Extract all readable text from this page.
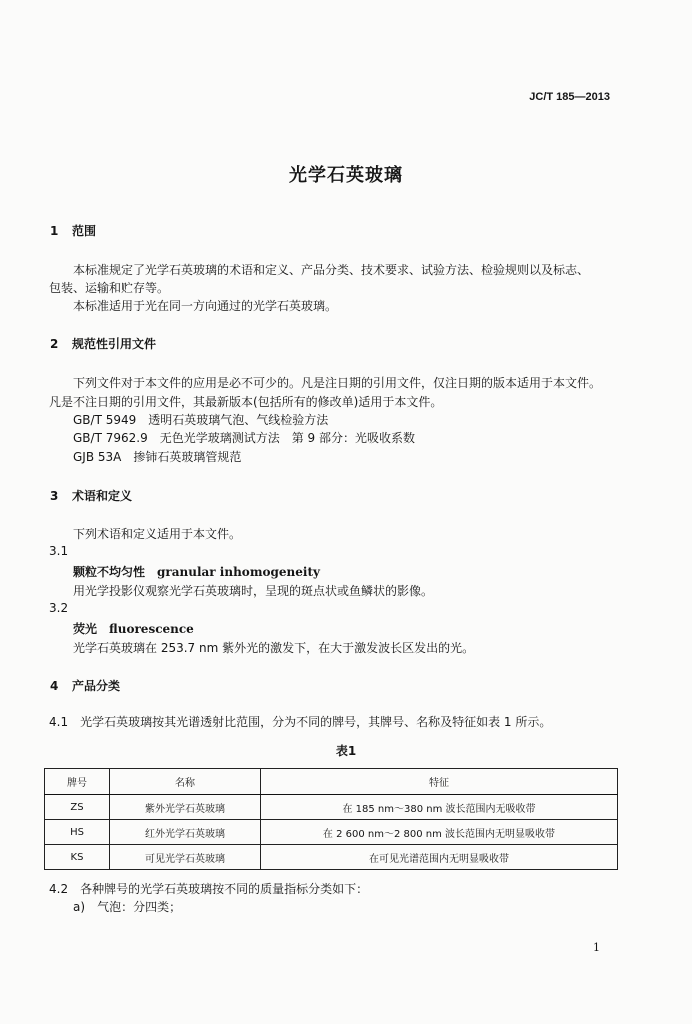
JC/T 185—2013
光学石英玻璃
1 范围
本标准规定了光学石英玻璃的术语和定义、产品分类、技术要求、试验方法、检验规则以及标志、
包装、运输和贮存等。
本标准适用于光在同一方向通过的光学石英玻璃。
2 规范性引用文件
下列文件对于本文件的应用是必不可少的。凡是注日期的引用文件，仅注日期的版本适用于本文件。
凡是不注日期的引用文件，其最新版本(包括所有的修改单)适用于本文件。
GB/T 5949　 透明石英玻璃气泡、气线检验方法
GB/T 7962.9　 无色光学玻璃测试方法　第 9 部分：光吸收系数
GJB 53A　 掺铈石英玻璃管规范
3 术语和定义
下列术语和定义适用于本文件。
3.1
颗粒不均匀性　 granular inhomogeneity
用光学投影仪观察光学石英玻璃时，呈现的斑点状或鱼鳞状的影像。
3.2
荧光　 fluorescence
光学石英玻璃在 253.7 nm 紫外光的激发下，在大于激发波长区发出的光。
4 产品分类
4.1　 光学石英玻璃按其光谱透射比范围，分为不同的牌号，其牌号、名称及特征如表 1 所示。
表1
牌号	名称	特征
ZS	紫外光学石英玻璃	在 185 nm～380 nm 波长范围内无吸收带
HS	红外光学石英玻璃	在 2 600 nm～2 800 nm 波长范围内无明显吸收带
KS	可见光学石英玻璃	在可见光谱范围内无明显吸收带
4.2　 各种牌号的光学石英玻璃按不同的质量指标分类如下：
a)　 气泡：分四类；
1
